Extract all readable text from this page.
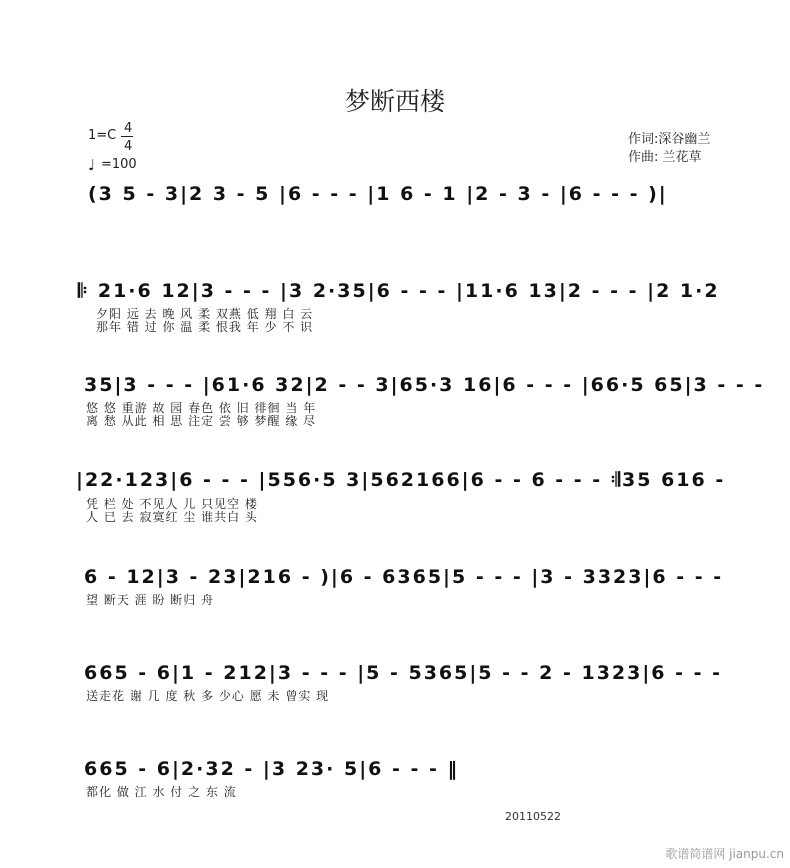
梦断西楼
1=C 4
4
♩ =100
作词:深谷幽兰
作曲: 兰花草
(3 5 - 3|2 3 - 5 |6 - - - |1 6 - 1 |2 - 3 - |6 - - - )|
𝄆 21·6 12|3 - - - |3 2·35|6 - - - |11·6 13|2 - - - |2 1·2
夕阳 远 去 晚 风 柔 双燕 低 翔 白 云
那年 错 过 你 温 柔 恨我 年 少 不 识
35|3 - - - |61·6 32|2 - - 3|65·3 16|6 - - - |66·5 65|3 - - -
悠 悠 重游 故 园 春色 依 旧 徘徊 当 年
离 愁 从此 相 思 注定 尝 够 梦醒 缘 尽
|22·123|6 - - - |556·5 3|562166|6 - - 6 - - - 𝄇35 616 -
凭 栏 处 不见人 儿 只见空 楼
人 已 去 寂寞红 尘 谁共白 头
6 - 12|3 - 23|216 - )|6 - 6365|5 - - - |3 - 3323|6 - - -
望 断天 涯 盼 断归 舟
665 - 6|1 - 212|3 - - - |5 - 5365|5 - - 2 - 1323|6 - - -
送走花 谢 几 度 秋 多 少心 愿 未 曾实 现
665 - 6|2·32 - |3 23· 5|6 - - - ‖
都化 做 江 水 付 之 东 流
20110522
歌谱简谱网 jianpu.cn
